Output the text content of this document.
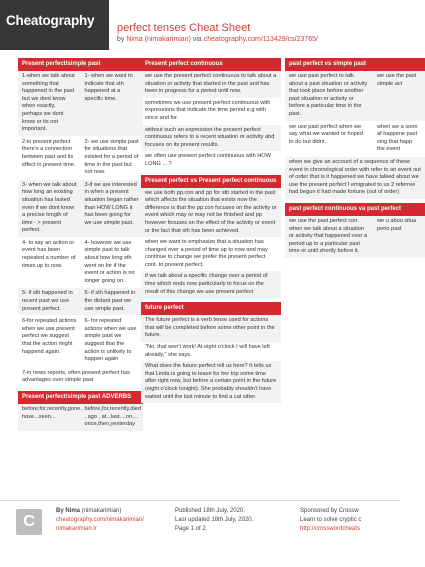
Cheatography perfect tenses Cheat Sheet
by Nima (nimakarimian) via cheatography.com/113429/cs/23765/
Present perfect/simple past
1-when we talk about something that happened in the past but we dont know when exactly, perhaps we dont know or its not important.
1- when we want to indicate that sth happened at a specific time.
2-in present perfect there's a connection between past and its effect in present time.
2- we use simple past for situations that existed for a period of time in the past but not now.
3- when we talk about how long an existing situation has lasted even if we dont know a precise length of time - > present perfect.
3-if we are interested in when a present situation began rather than HOW LONG it has been going for we use simple past.
4- to say an action or event has been repeated a number of times up to now.
4- however we use simple past to talk about how long sth went on for if the event or action is no longer going on.
5- if sth happened in recent past we use present perfect.
5- if sth happened in the distant past we use simple past.
6-for repeated actions when we use present perfect we suggest that the action might happend again.
6- for repeated actions when we use simple past we suggest that the action is unlikely to happen again
7-in news reports, often present perfect has advantages over simple past
Present perfect/simple past ADVERBS
before,for,recently,gone, have...seen...
before,for,recently,died , ago , at...last....on.... once,then,yesterday
Present perfect continuous
we use the present perfect continuous to talk about a situation or activity that started in the past and has been in progress for a period until now.
sometimes we use present perfect continuous with expressions that indicate the time period e.g with since and for.
without such an expression the present perfect continuous refers to a recent situation or activity abd focuses on its present results.
we often use present perfect continuous with HOW LONG ... ?
Present perfect vs Present perfect continuous
we use both pp.con and pp for sth started in the past which affects the situation that exists now the difference is that the pp.con focuses on the activity or event which may or may not be finished and pp however focuses on the effect of the activity or event or the fact that sth has been achieved.
when we want to emphasize that a situation has changed over a period of time up to now and may continue to change we prefer the present perfect cont. to present perfect.
if we talk about a specific change over a period of time which ends now particularly to focus on the result of this change we use present perfect
future perfect
The future perfect is a verb tense used for actions that will be completed before some other point in the future.
"No, that won't work! At eight o'clock I will have left already," she says.
What does the future perfect tell us here? It tells us that Linda is going to leave for her trip some time after right now, but before a certain point in the future (eight o'clock tonight). She probably shouldn't have waited until the last minute to find a cat sitter.
past perfect vs simple past
we use past perfect to talk about a past situation or activity that took place before another past situation or activity or before a particular time in the past.
we use the past simple act
we use past perfect when we say what we wanted or hoped to do but didnt.
when we a soon af happene past sing that happ the event
when we give an account of a sequence of these event in chronological order with refer to an event out of order that is it happened we have talked about we use the present perfect I emigrated to us 2 referree had begun it had made fortune (out of order)
past perfect continuous va past perfect
we use the past perfect con. when we talk about a situation or activity that happened over a period up to a particular past time or until shortly before it.
we u abou situa perio past
C
By Nima (nimakarimian)
cheatography.com/nimakarimian/
nimakarimian.ir
Published 18th July, 2020.
Last updated 18th July, 2020.
Page 1 of 2.
Sponsored by Crossw
Learn to solve cryptic c
http://crosswordcheats
